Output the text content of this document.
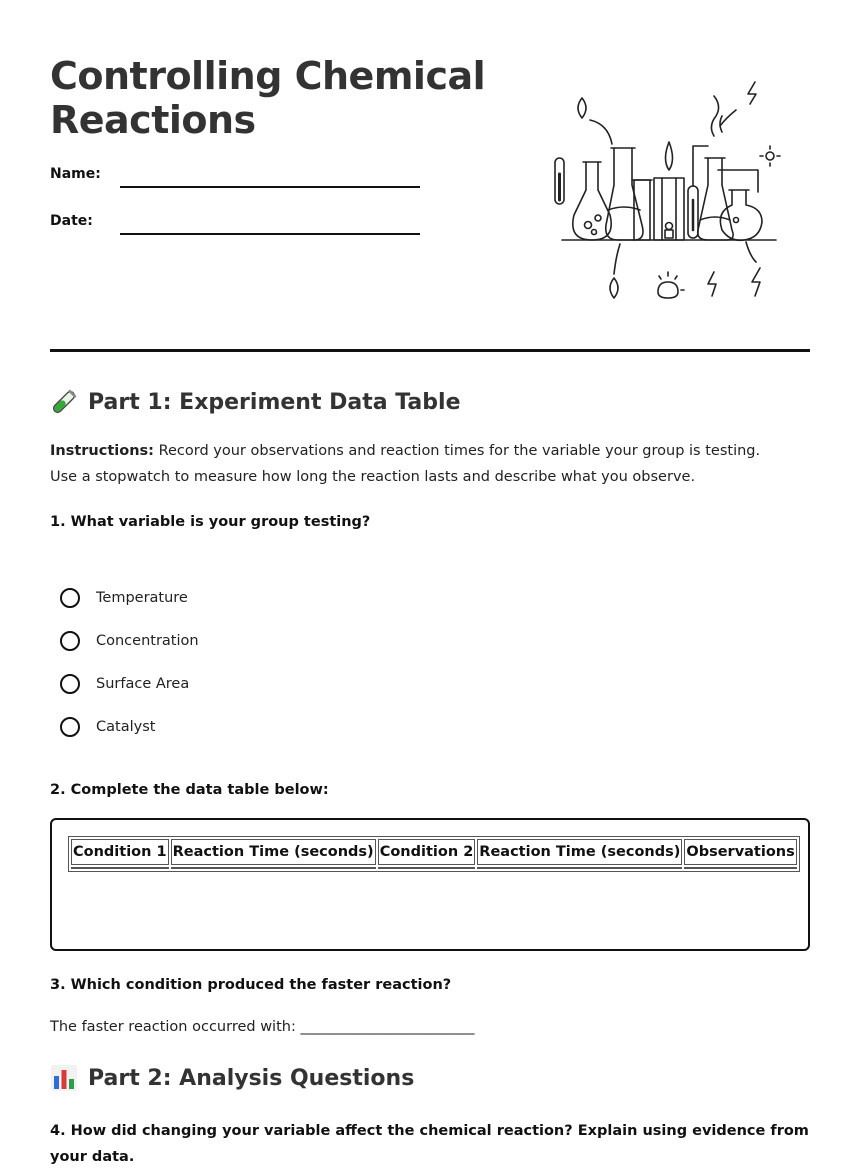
Controlling Chemical Reactions
Name:
Date:
Part 1: Experiment Data Table

Instructions: Record your observations and reaction times for the variable your group is testing. Use a stopwatch to measure how long the reaction lasts and describe what you observe.

1. What variable is your group testing?

Temperature
Concentration
Surface Area
Catalyst

2. Complete the data table below:

Condition 1	Reaction Time (seconds)	Condition 2	Reaction Time (seconds)	Observations

3. Which condition produced the faster reaction?

The faster reaction occurred with: ________________________

Part 2: Analysis Questions

4. How did changing your variable affect the chemical reaction? Explain using evidence from your data.
